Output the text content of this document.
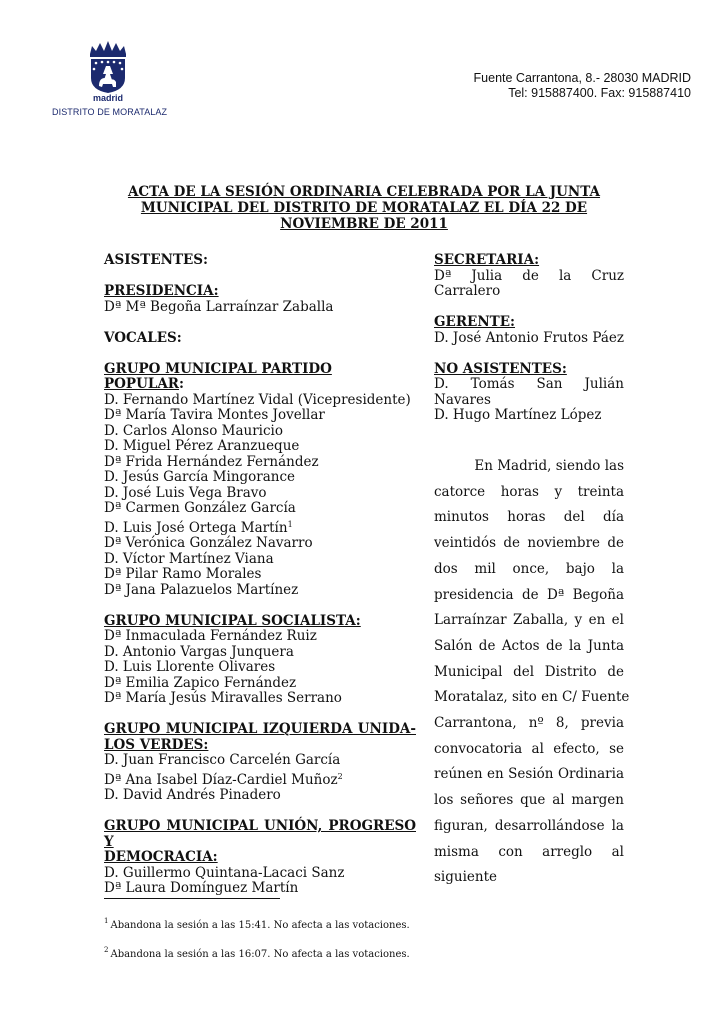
madrid
DISTRITO DE MORATALAZ
Fuente Carrantona, 8.- 28030 MADRID
Tel: 915887400. Fax: 915887410
ACTA DE LA SESIÓN ORDINARIA CELEBRADA POR LA JUNTA
MUNICIPAL DEL DISTRITO DE MORATALAZ EL DÍA 22 DE
NOVIEMBRE DE 2011
ASISTENTES:
PRESIDENCIA:
Dª Mª Begoña Larraínzar Zaballa
VOCALES:
GRUPO MUNICIPAL PARTIDO POPULAR:
D. Fernando Martínez Vidal (Vicepresidente)
Dª María Tavira Montes Jovellar
D. Carlos Alonso Mauricio
D. Miguel Pérez Aranzueque
Dª Frida Hernández Fernández
D. Jesús García Mingorance
D. José Luis Vega Bravo
Dª Carmen González García
D. Luis José Ortega Martín$^1$
Dª Verónica González Navarro
D. Víctor Martínez Viana
Dª Pilar Ramo Morales
Dª Jana Palazuelos Martínez
GRUPO MUNICIPAL SOCIALISTA:
Dª Inmaculada Fernández Ruiz
D. Antonio Vargas Junquera
D. Luis Llorente Olivares
Dª Emilia Zapico Fernández
Dª María Jesús Miravalles Serrano
GRUPO MUNICIPAL IZQUIERDA UNIDA-
LOS VERDES:
D. Juan Francisco Carcelén García
Dª Ana Isabel Díaz-Cardiel Muñoz$^2$
D. David Andrés Pinadero
GRUPO MUNICIPAL UNIÓN, PROGRESO Y
DEMOCRACIA:
D. Guillermo Quintana-Lacaci Sanz
Dª Laura Domínguez Martín
SECRETARIA:
Dª Julia de la Cruz
Carralero
GERENTE:
D. José Antonio Frutos Páez
NO ASISTENTES:
D. Tomás San Julián
Navares
D. Hugo Martínez López
En Madrid, siendo las
catorce horas y treinta
minutos horas del día
veintidós de noviembre de
dos mil once, bajo la
presidencia de Dª Begoña
Larraínzar Zaballa, y en el
Salón de Actos de la Junta
Municipal del Distrito de
Moratalaz, sito en C/ Fuente
Carrantona, nº 8, previa
convocatoria al efecto, se
reúnen en Sesión Ordinaria
los señores que al margen
figuran, desarrollándose la
misma con arreglo al
siguiente
$^1$ Abandona la sesión a las 15:41. No afecta a las votaciones.
$^2$ Abandona la sesión a las 16:07. No afecta a las votaciones.
